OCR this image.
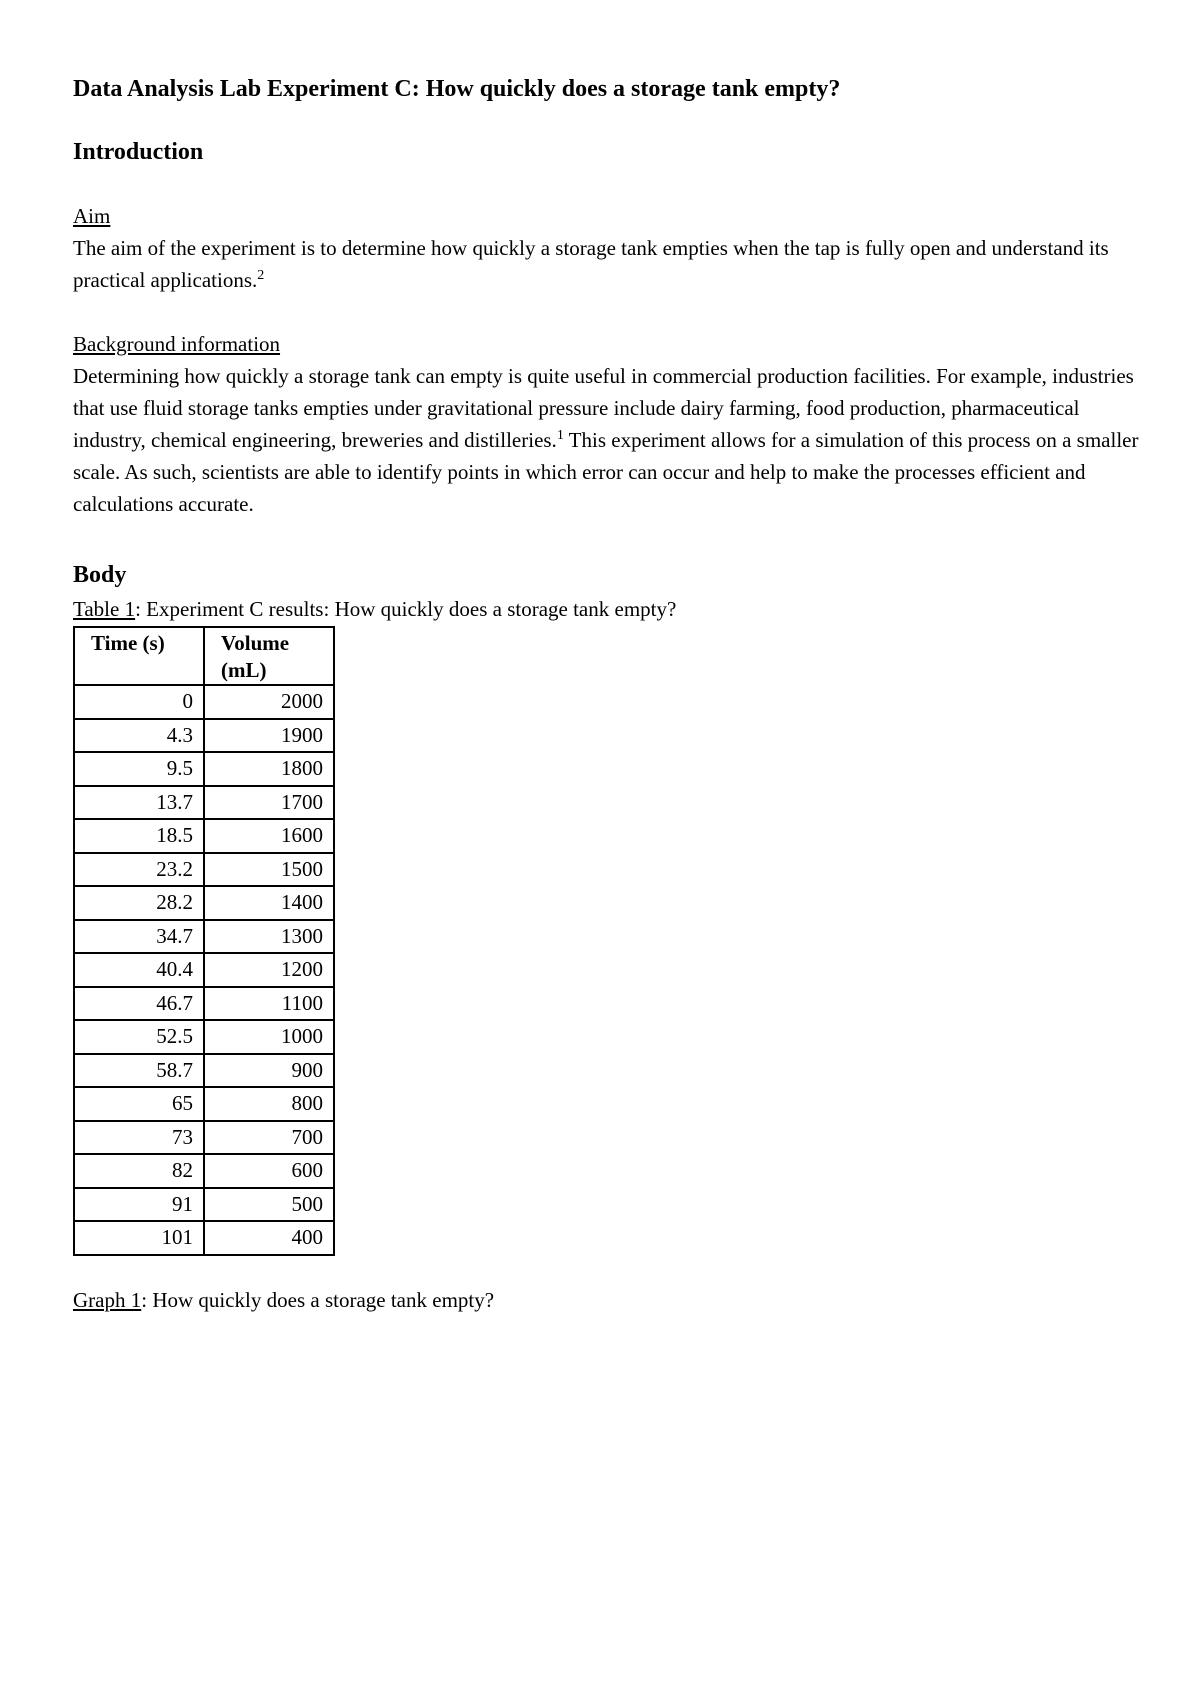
Data Analysis Lab Experiment C: How quickly does a storage tank empty?
Introduction

Aim

The aim of the experiment is to determine how quickly a storage tank empties when the tap is fully open and understand its practical applications.$^2$

Background information

Determining how quickly a storage tank can empty is quite useful in commercial production facilities. For example, industries that use fluid storage tanks empties under gravitational pressure include dairy farming, food production, pharmaceutical industry, chemical engineering, breweries and distilleries.$^1$ This experiment allows for a simulation of this process on a smaller scale. As such, scientists are able to identify points in which error can occur and help to make the processes efficient and calculations accurate.

Body

Table 1: Experiment C results: How quickly does a storage tank empty?

Time (s)	Volume (mL)
0	2000
4.3	1900
9.5	1800
13.7	1700
18.5	1600
23.2	1500
28.2	1400
34.7	1300
40.4	1200
46.7	1100
52.5	1000
58.7	900
65	800
73	700
82	600
91	500
101	400

Graph 1: How quickly does a storage tank empty?
